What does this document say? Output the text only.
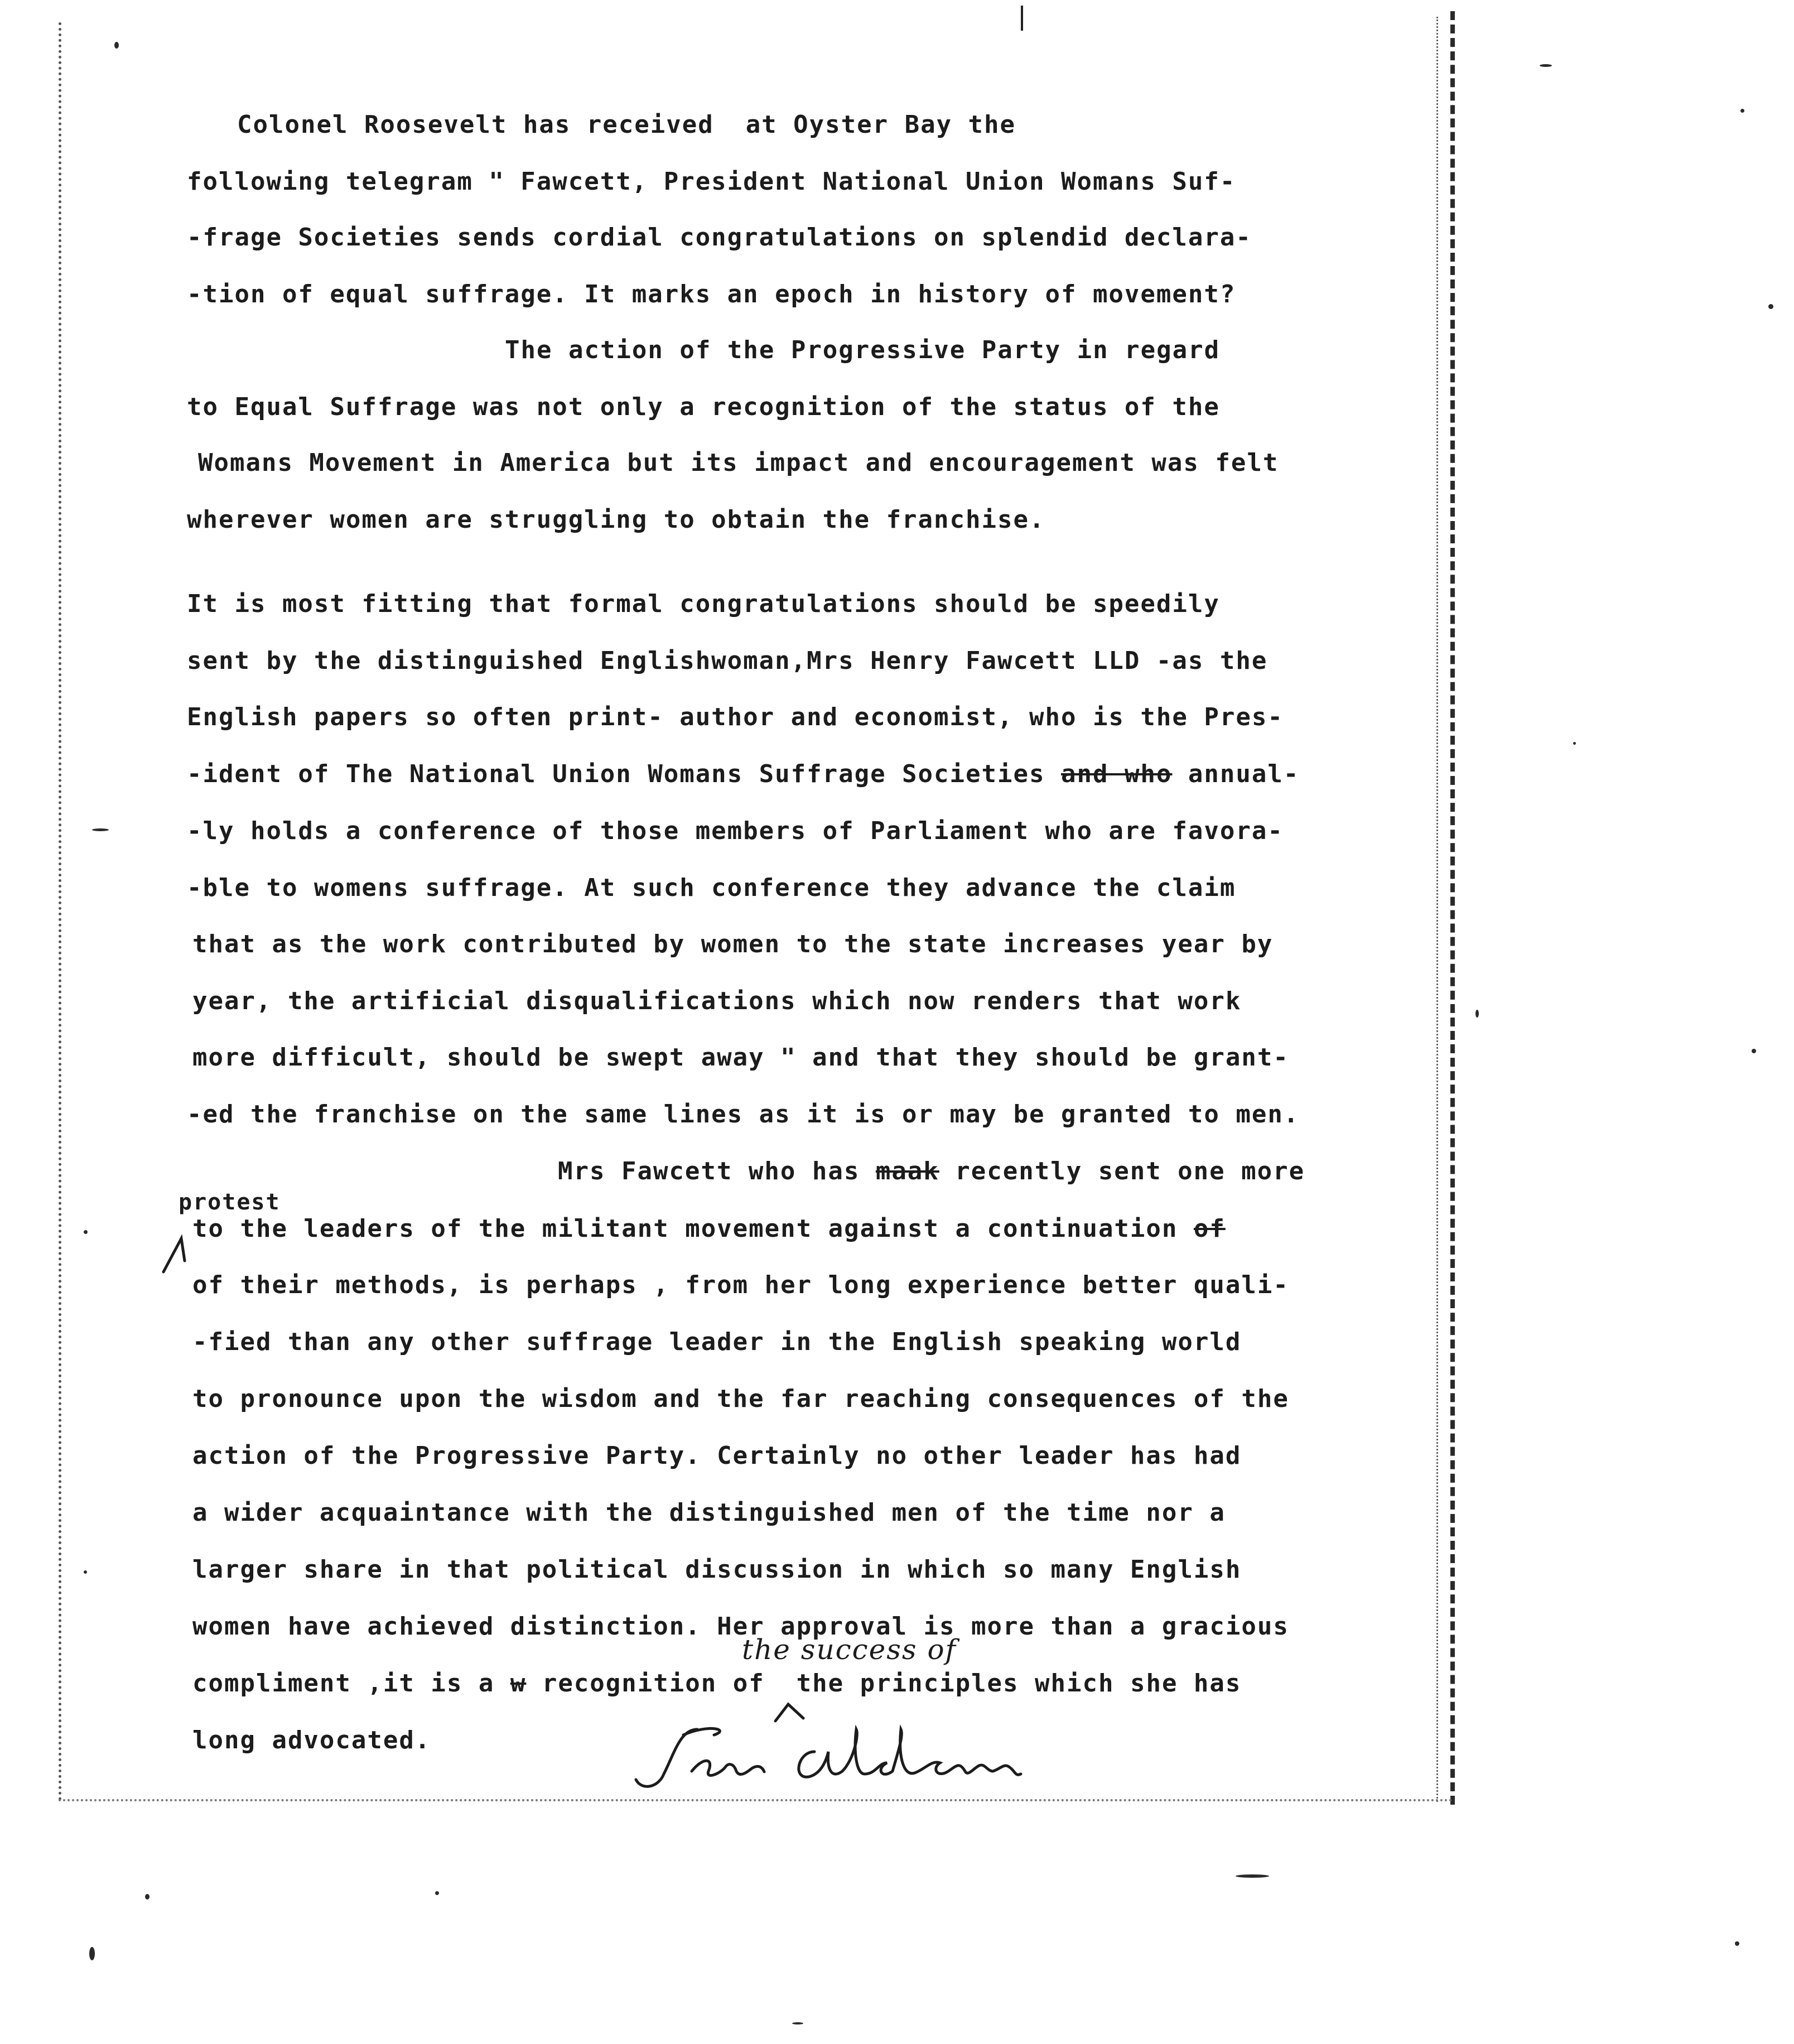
Colonel Roosevelt has received  at Oyster Bay the
following telegram " Fawcett, President National Union Womans Suf-
-frage Societies sends cordial congratulations on splendid declara-
-tion of equal suffrage. It marks an epoch in history of movement?
The action of the Progressive Party in regard
to Equal Suffrage was not only a recognition of the status of the
Womans Movement in America but its impact and encouragement was felt
wherever women are struggling to obtain the franchise.
It is most fitting that formal congratulations should be speedily
sent by the distinguished Englishwoman,Mrs Henry Fawcett LLD -as the
English papers so often print- author and economist, who is the Pres-
-ident of The National Union Womans Suffrage Societies and who annual-
-ly holds a conference of those members of Parliament who are favora-
-ble to womens suffrage. At such conference they advance the claim
that as the work contributed by women to the state increases year by
year, the artificial disqualifications which now renders that work
more difficult, should be swept away " and that they should be grant-
-ed the franchise on the same lines as it is or may be granted to men.
Mrs Fawcett who has maak recently sent one more
protest
to the leaders of the militant movement against a continuation of
of their methods, is perhaps , from her long experience better quali-
-fied than any other suffrage leader in the English speaking world
to pronounce upon the wisdom and the far reaching consequences of the
action of the Progressive Party. Certainly no other leader has had
a wider acquaintance with the distinguished men of the time nor a
larger share in that political discussion in which so many English
women have achieved distinction. Her approval is more than a gracious
the success of
compliment ,it is a w recognition of  the principles which she has
long advocated.
